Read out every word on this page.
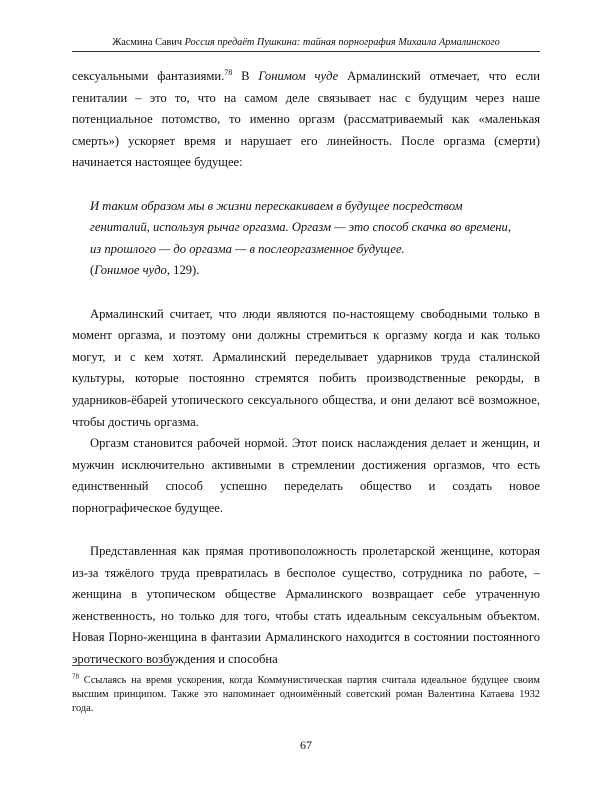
Жасмина Савич Россия предаёт Пушкина: тайная порнография Михаила Армалинского

сексуальными фантазиями.$^{78}$ В Гонимом чуде Армалинский отмечает, что если гениталии – это то, что на самом деле связывает нас с будущим через наше потенциальное потомство, то именно оргазм (рассматриваемый как «маленькая смерть») ускоряет время и нарушает его линейность. После оргазма (смерти) начинается настоящее будущее:

И таким образом мы в жизни перескакиваем в будущее посредством
гениталий, используя рычаг оргазма. Оргазм — это способ скачка во времени,
из прошлого — до оргазма — в послеоргазменное будущее.

(Гонимое чудо, 129).

Армалинский считает, что люди являются по-настоящему свободными только в момент оргазма, и поэтому они должны стремиться к оргазму когда и как только могут, и с кем хотят. Армалинский переделывает ударников труда сталинской культуры, которые постоянно стремятся побить производственные рекорды, в ударников-ёбарей утопического сексуального общества, и они делают всё возможное, чтобы достичь оргазма.

Оргазм становится рабочей нормой. Этот поиск наслаждения делает и женщин, и мужчин исключительно активными в стремлении достижения оргазмов, что есть единственный способ успешно переделать общество и создать новое порнографическое будущее.

Представленная как прямая противоположность пролетарской женщине, которая из-за тяжёлого труда превратилась в бесполое существо, сотрудника по работе, – женщина в утопическом обществе Армалинского возвращает себе утраченную женственность, но только для того, чтобы стать идеальным сексуальным объектом. Новая Порно-женщина в фантазии Армалинского находится в состоянии постоянного эротического возбуждения и способна

$^{78}$ Ссылаясь на время ускорения, когда Коммунистическая партия считала идеальное будущее своим высшим принципом. Также это напоминает одноимённый советский роман Валентина Катаева 1932 года.
67
